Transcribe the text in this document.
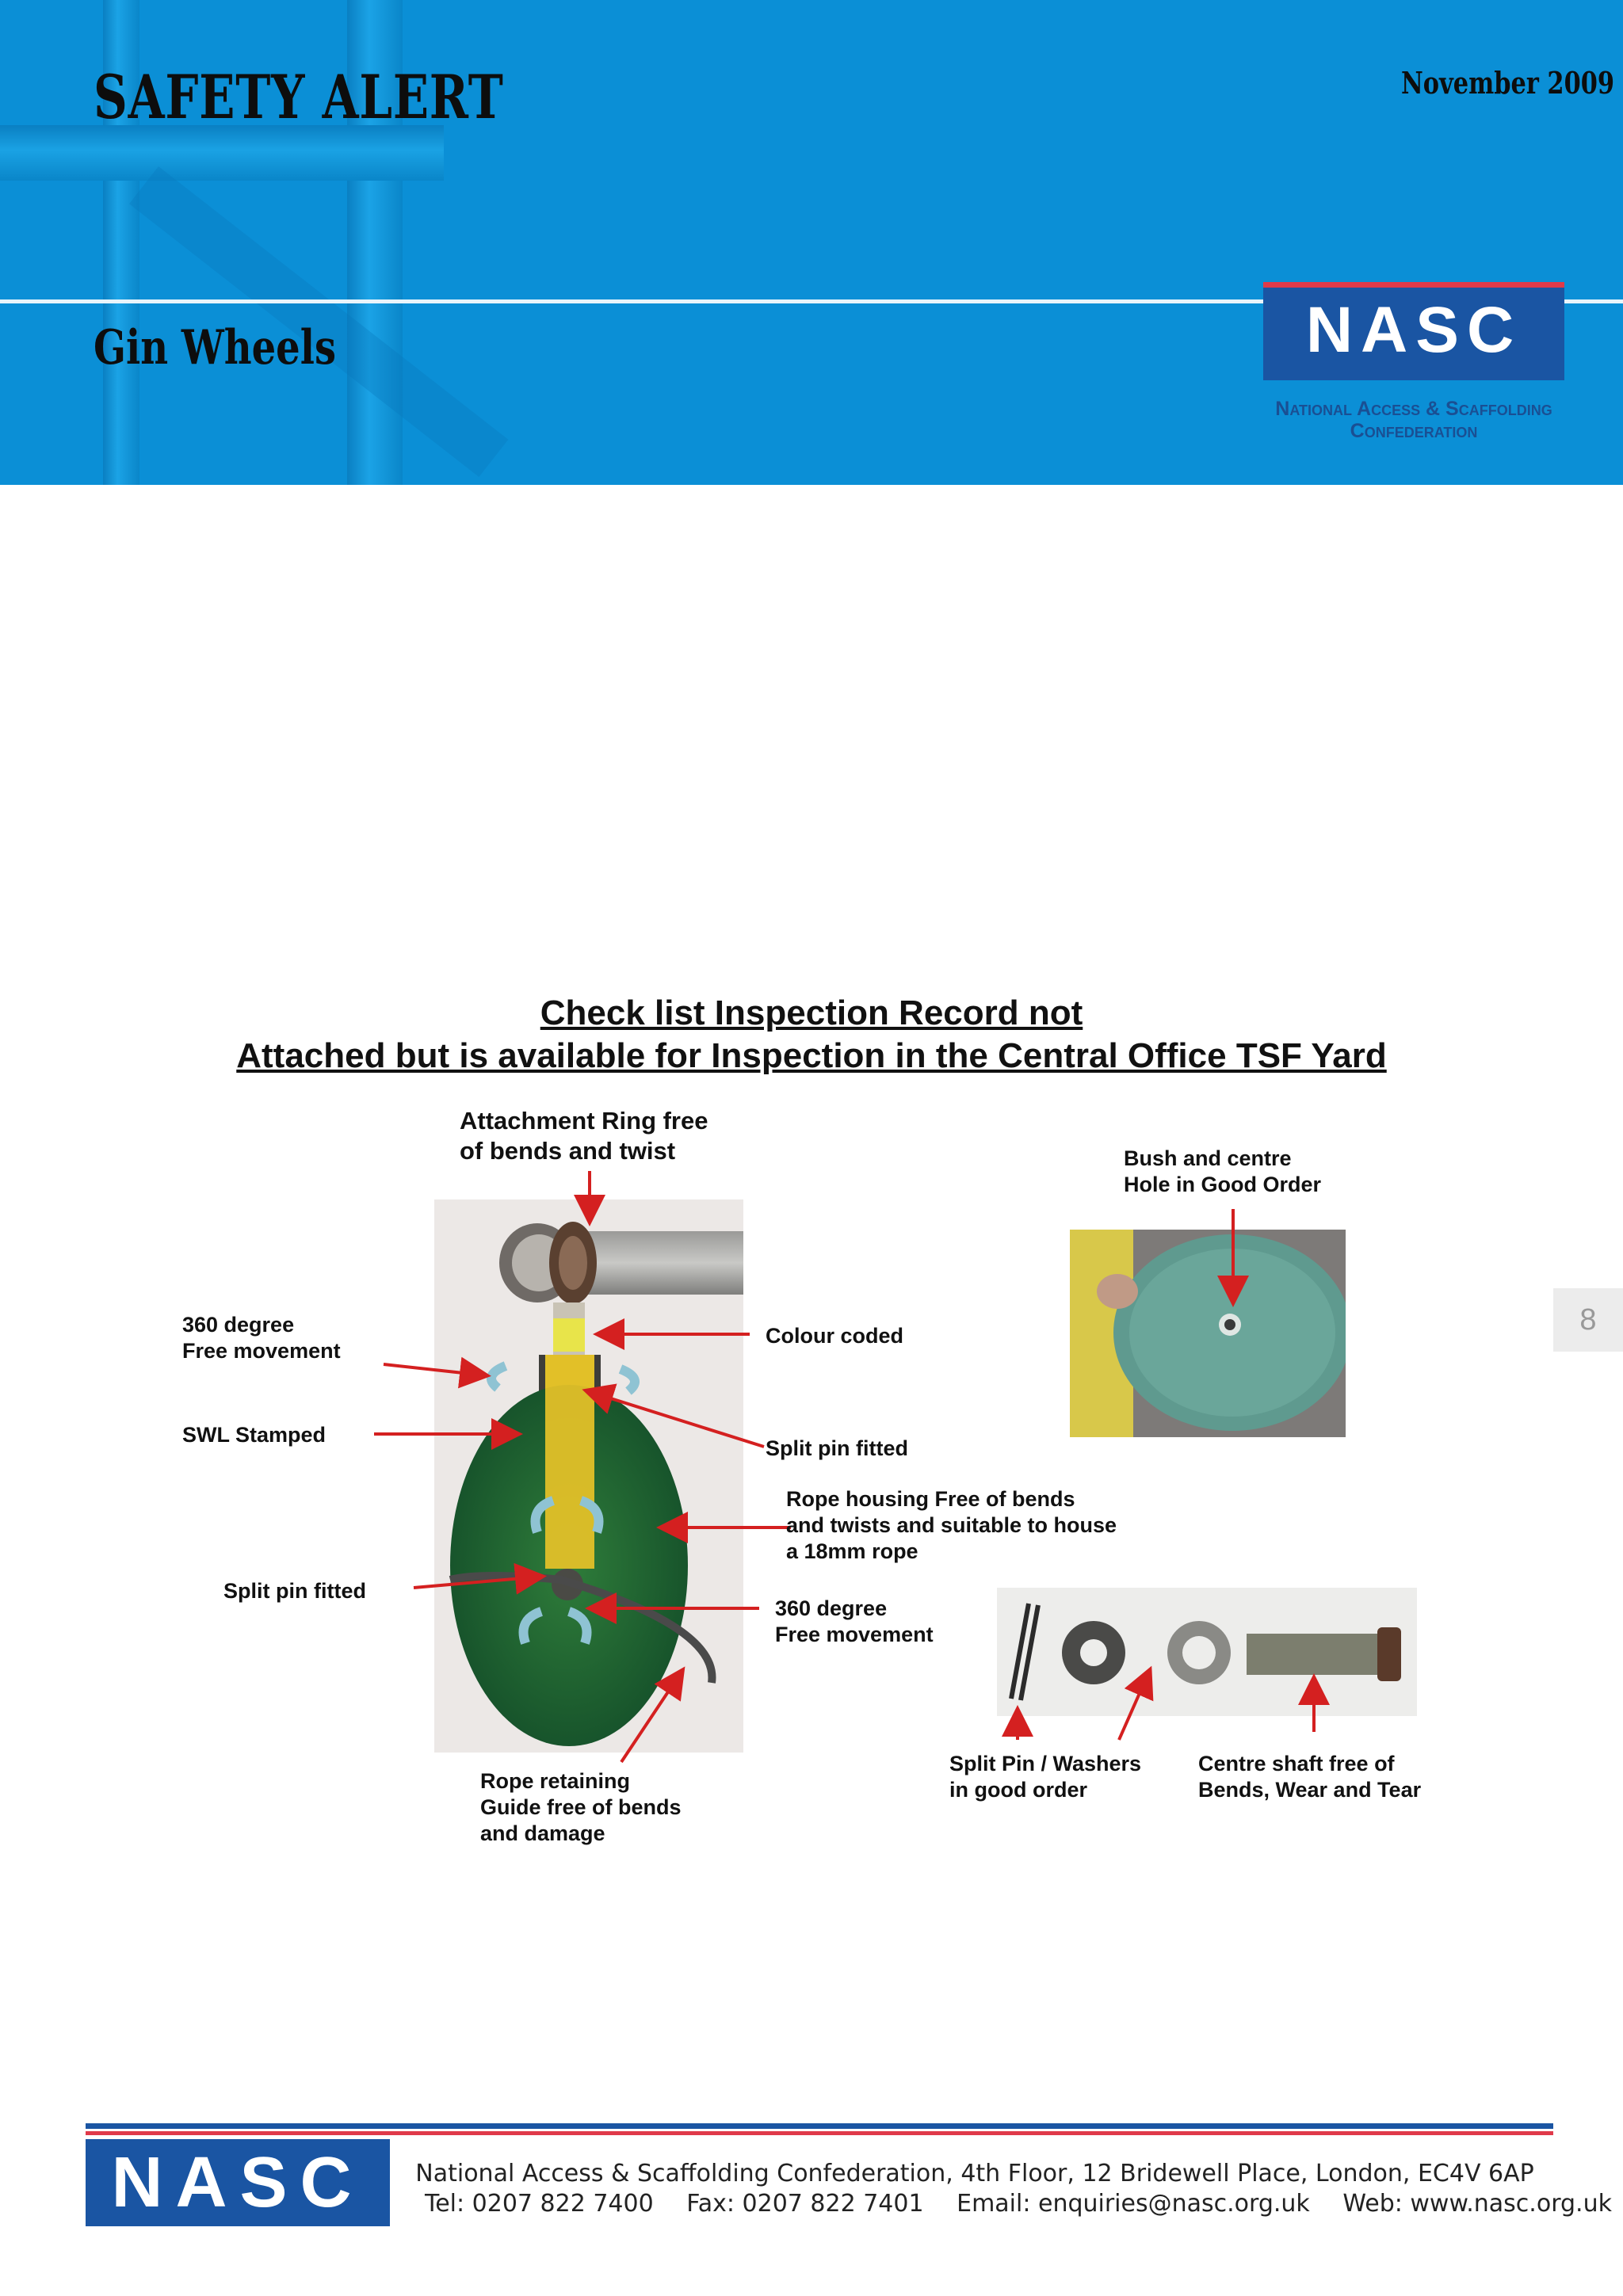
SAFETY ALERT	November 2009
Gin Wheels	NASC
National Access & Scaffolding
Confederation
8
Check list Inspection Record not
Attached but is available for Inspection in the Central Office TSF Yard
Attachment Ring free
of bends and twist	Bush and centre
Hole in Good Order
360 degree
Free movement
Colour coded
SWL Stamped
Split pin fitted
Rope housing Free of bends
and twists and suitable to house
a 18mm rope
Split pin fitted
360 degree
Free movement
Rope retaining
Guide free of bends
and damage
Split Pin / Washers
in good order
Centre shaft free of
Bends, Wear and Tear
NASC	National Access & Scaffolding Confederation, 4th Floor, 12 Bridewell Place, London, EC4V 6AP
Tel: 0207 822 7400 Fax: 0207 822 7401 Email: enquiries@nasc.org.uk Web: www.nasc.org.uk
